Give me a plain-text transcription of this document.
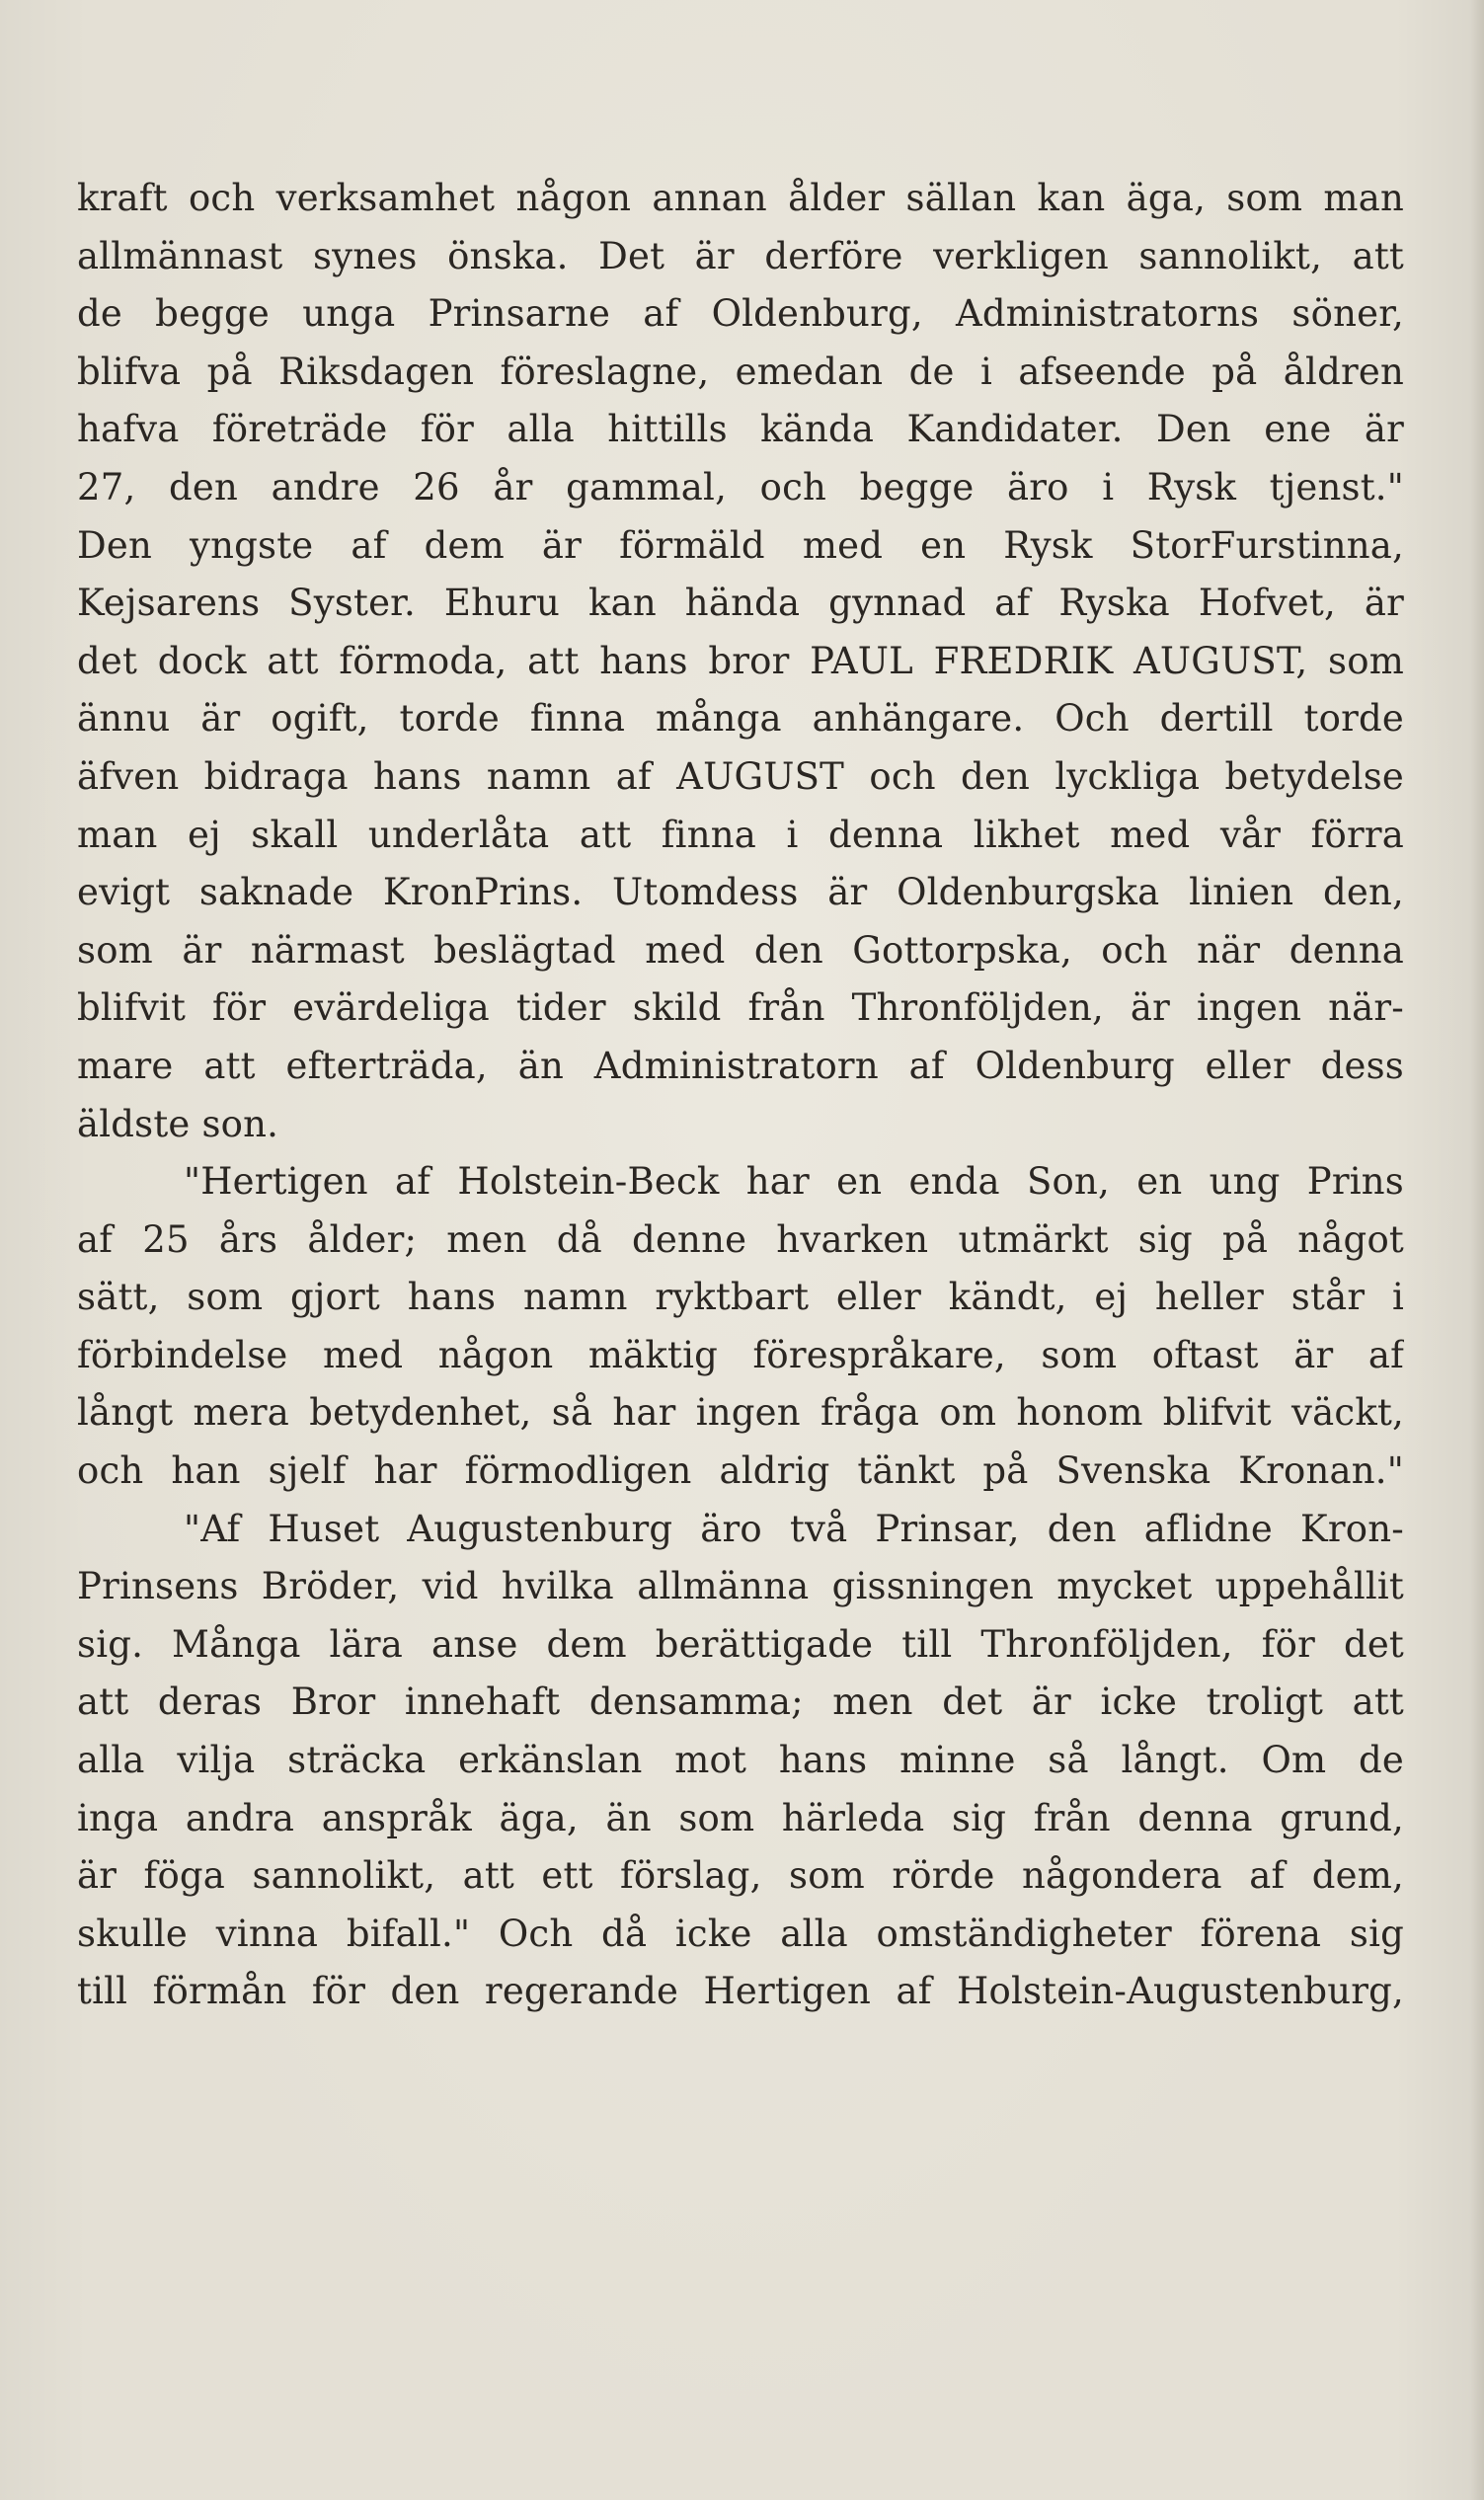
kraft och verksamhet någon annan ålder sällan kan äga, som man
allmännast synes önska. Det är derföre verkligen sannolikt, att
de begge unga Prinsarne af Oldenburg, Administratorns söner,
blifva på Riksdagen föreslagne, emedan de i afseende på åldren
hafva företräde för alla hittills kända Kandidater. Den ene är
27, den andre 26 år gammal, och begge äro i Rysk tjenst."
Den yngste af dem är förmäld med en Rysk StorFurstinna,
Kejsarens Syster. Ehuru kan hända gynnad af Ryska Hofvet, är
det dock att förmoda, att hans bror PAUL FREDRIK AUGUST, som
ännu är ogift, torde finna många anhängare. Och dertill torde
äfven bidraga hans namn af AUGUST och den lyckliga betydelse
man ej skall underlåta att finna i denna likhet med vår förra
evigt saknade KronPrins. Utomdess är Oldenburgska linien den,
som är närmast beslägtad med den Gottorpska, och när denna
blifvit för evärdeliga tider skild från Thronföljden, är ingen när-
mare att efterträda, än Administratorn af Oldenburg eller dess
äldste son.
"Hertigen af Holstein-Beck har en enda Son, en ung Prins
af 25 års ålder; men då denne hvarken utmärkt sig på något
sätt, som gjort hans namn ryktbart eller kändt, ej heller står i
förbindelse med någon mäktig förespråkare, som oftast är af
långt mera betydenhet, så har ingen fråga om honom blifvit väckt,
och han sjelf har förmodligen aldrig tänkt på Svenska Kronan."
"Af Huset Augustenburg äro två Prinsar, den aflidne Kron-
Prinsens Bröder, vid hvilka allmänna gissningen mycket uppehållit
sig. Många lära anse dem berättigade till Thronföljden, för det
att deras Bror innehaft densamma; men det är icke troligt att
alla vilja sträcka erkänslan mot hans minne så långt. Om de
inga andra anspråk äga, än som härleda sig från denna grund,
är föga sannolikt, att ett förslag, som rörde någondera af dem,
skulle vinna bifall." Och då icke alla omständigheter förena sig
till förmån för den regerande Hertigen af Holstein-Augustenburg,
